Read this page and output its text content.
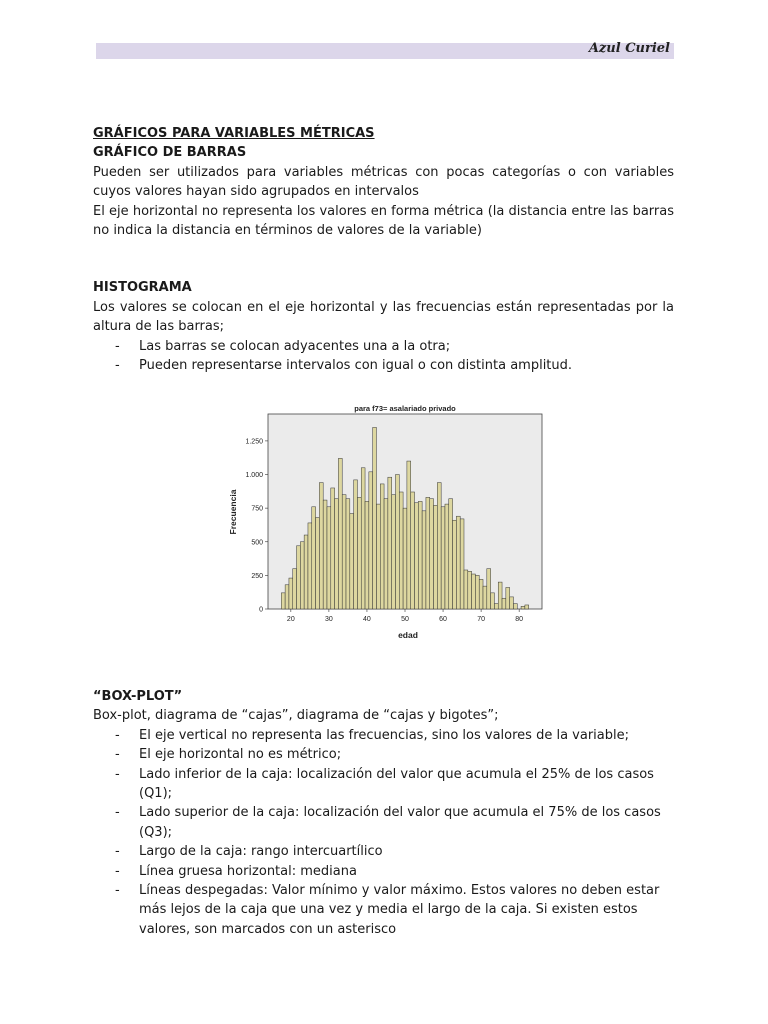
Azul Curiel

GRÁFICOS PARA VARIABLES MÉTRICAS

GRÁFICO DE BARRAS

Pueden ser utilizados para variables métricas con pocas categorías o con variables cuyos valores hayan sido agrupados en intervalos

El eje horizontal no representa los valores en forma métrica (la distancia entre las barras no indica la distancia en términos de valores de la variable)

HISTOGRAMA

Los valores se colocan en el eje horizontal y las frecuencias están representadas por la altura de las barras;

- Las barras se colocan adyacentes una a la otra;
- Pueden representarse intervalos con igual o con distinta amplitud.
para f73= asalariado privado
0
250
500
750
1.000
1.250
20	30	40	50	60	70	80
Frecuencia
edad

“BOX-PLOT”

Box-plot, diagrama de “cajas”, diagrama de “cajas y bigotes”;

- El eje vertical no representa las frecuencias, sino los valores de la variable;
- El eje horizontal no es métrico;
- Lado inferior de la caja: localización del valor que acumula el 25% de los casos (Q1);
- Lado superior de la caja: localización del valor que acumula el 75% de los casos (Q3);
- Largo de la caja: rango intercuartílico
- Línea gruesa horizontal: mediana
- Líneas despegadas: Valor mínimo y valor máximo. Estos valores no deben estar más lejos de la caja que una vez y media el largo de la caja. Si existen estos valores, son marcados con un asterisco
